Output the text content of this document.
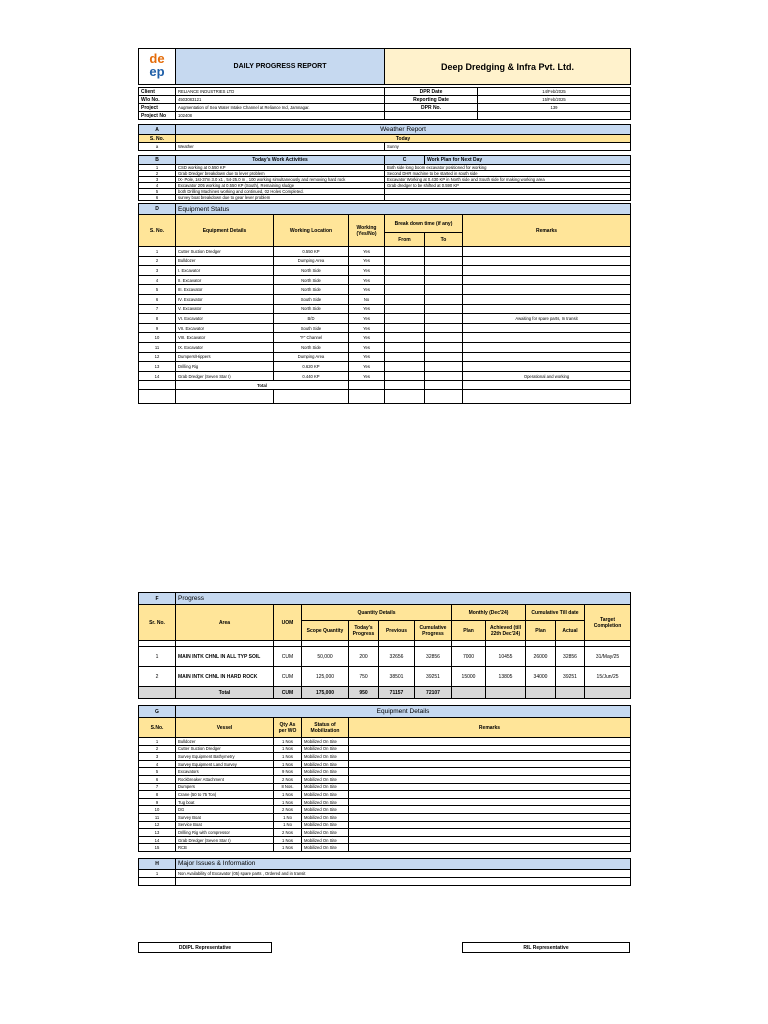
de
ep	DAILY PROGRESS REPORT	Deep Dredging & Infra Pvt. Ltd.
Client	RELIANCE INDUSTRIES LTD	DPR Date	14/Feb/2025
W/o No.	4503083121	Reporting Date	15/Feb/2025
Project	Augmentation of Sea Water Intake Channel at Reliance Ind, Jamnagar.	DPR No.	139
Project No	102408		
A	Weather Report	
S. No.	Today	
a	Weather	Sunny
B	Today's Work Activities	C	Work Plan for Next Day
1	CSD working at 0.550 KP	Both side long boom excavator positioned for working	
2	Grab Dredger breakdown due to lever problem	Second DHR machine to be started in south side	
3	IX- Pole, 1st-37m 3.0 x1 , 54-25.0 m , 100 working simultaneously and removing hard rock	Excavator Working at 0.430 KP in North side and South side for making working area	
4	Excavator 205 working at 0.550 KP (South), Remaining sludge	Grab dredger to be shifted at 0.590 KP	
5	both Drilling Machines working and continued, 02 Holes Completed.		
6	survey boat breakdown due to gear lever problem		
D	Equipment Status					
S. No.	Equipment Details	Working Location	Working (Yes/No)	Break down time (if any)		Remarks
				From	To	
1	Cutter Suction Dredger	0.550 KP	Yes			
2	Bulldozer	Dumping Area	Yes			
3	I. Excavator	North Side	Yes			
4	II. Excavator	North Side	Yes			
5	III. Excavator	North Side	Yes			
6	IV. Excavator	South Side	No			
7	V. Excavator	North Side	Yes			
8	VI. Excavator	B/D	Yes			Awaiting for spare parts, In transit
9	VII. Excavator	South Side	Yes			
10	VIII. Excavator	"F" Channel	Yes			
11	IX. Excavator	North Side	Yes			
12	Dumpers/Hippers	Dumping Area	Yes			
13	Drilling Rig	0.620 KP	Yes			
14	Grab Dredger (Seven Star I)	0.440 KP	Yes			Operational and working
	Total					

F	Progress										
Sr. No.	Area	UOM	Quantity Details				Monthly (Dec'24)		Cumulative Till date		Target Completion
			Scope Quantity	Today's Progress	Previous	Cumulative Progress	Plan	Achieved (till 22th Dec'24)	Plan	Actual	

1	MAIN INTK CHNL IN ALL TYP SOIL	CUM	50,000	200	32656	32856	7000	10455	26000	32856	31/May/25
2	MAIN INTK CHNL IN HARD ROCK	CUM	125,000	750	38501	39251	15000	13805	34000	39251	15/Jun/25
	Total	CUM	175,000	950	71157	72107					
G	Equipment Details			
S.No.	Vessel	Qty As per WO	Status of Mobilization	Remarks
1	Bulldozer	1 Nos	Mobilized On Site	
2	Cutter Suction Dredger	1 Nos	Mobilized On Site	
3	Survey Equipment Bathymetry	1 Nos	Mobilized On Site	
4	Survey Equipment Land Survey	1 Nos	Mobilized On Site	
5	Excavators	9 Nos	Mobilized On Site	
6	Rockbreaker Attachment	2 Nos	Mobilized On Site	
7	Dumpers	8 Nos.	Mobilized On Site	
8	Crane (50 to 75 Ton)	1 Nos	Mobilized On Site	
9	Tug boat	1 Nos	Mobilized On Site	
10	DG	2 Nos	Mobilized On Site	
11	Survey Boat	1 No	Mobilized On Site	
12	Service Boat	1 No	Mobilized On Site	
13	Drilling Rig with compressor	2 Nos	Mobilized On Site	
14	Grab Dredger (Seven Star I)	1 Nos	Mobilized On Site	
15	RCB	1 Nos	Mobilized On Site	
H	Major Issues & Information
1	Non Availability of Excavator (05) spare parts , Ordered and in transit

DDIPL Representative	RIL Representative
